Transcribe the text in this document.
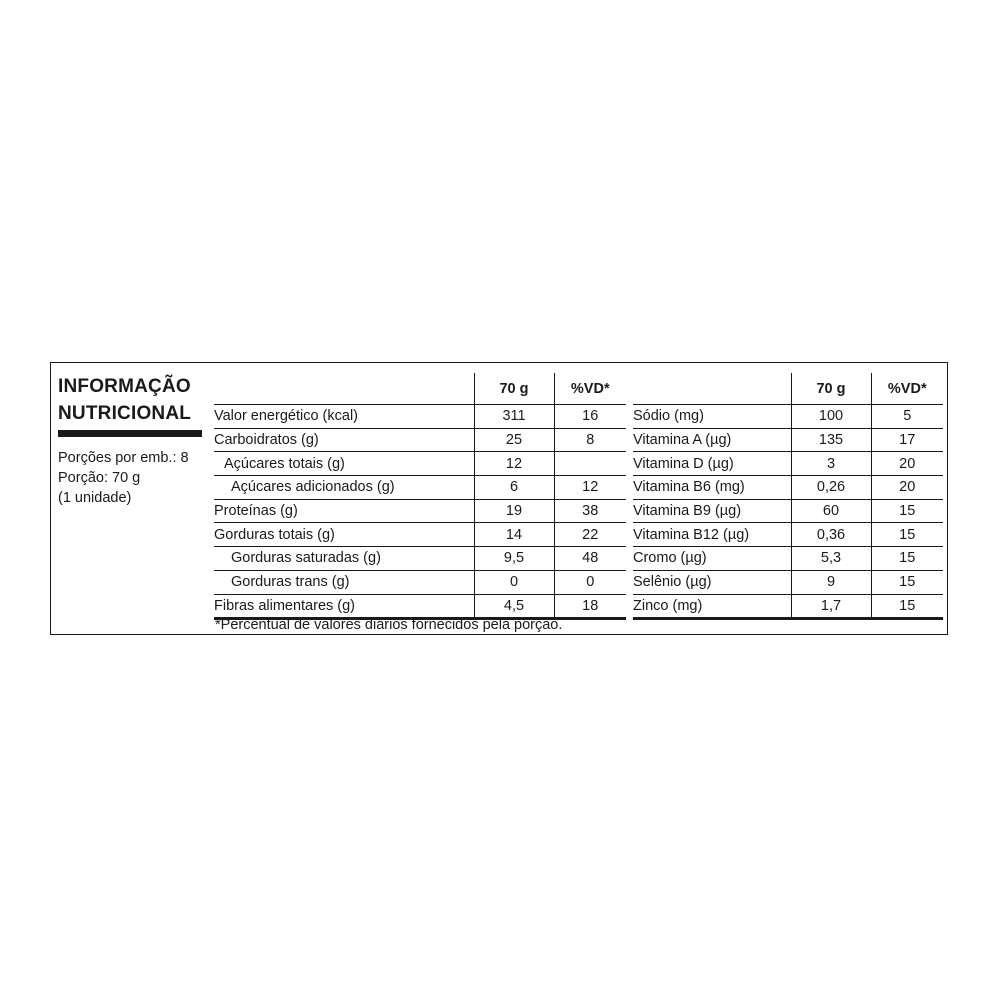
INFORMAÇÃO

NUTRICIONAL

Porções por emb.: 8
Porção: 70 g
(1 unidade)
	70 g	%VD*
Valor energético (kcal)	311	16
Carboidratos (g)	25	8
Açúcares totais (g)	12	
Açúcares adicionados (g)	6	12
Proteínas (g)	19	38
Gorduras totais (g)	14	22
Gorduras saturadas (g)	9,5	48
Gorduras trans (g)	0	0
Fibras alimentares (g)	4,5	18
	70 g	%VD*
Sódio (mg)	100	5
Vitamina A (µg)	135	17
Vitamina D (µg)	3	20
Vitamina B6 (mg)	0,26	20
Vitamina B9 (µg)	60	15
Vitamina B12 (µg)	0,36	15
Cromo (µg)	5,3	15
Selênio (µg)	9	15
Zinco (mg)	1,7	15
*Percentual de valores diários fornecidos pela porção.
